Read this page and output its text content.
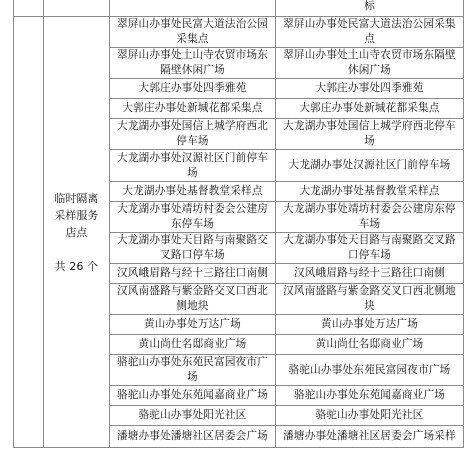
			标

	临时隔离
采样服务
店点
共 26 个	翠屏山办事处民富大道法治公园采集点	翠屏山办事处民富大道法治公园采集点
		翠屏山办事处土山寺农贸市场东隔壁休闲广场	翠屏山办事处土山寺农贸市场东隔壁休闲广场
		大郭庄办事处四季雅苑	大郭庄办事处四季雅苑
		大郭庄办事处新城花都采集点	大郭庄办事处新城花都采集点
		大龙湖办事处国信上城学府西北停车场	大龙湖办事处国信上城学府西北停车场
		大龙湖办事处汉源社区门前停车场	大龙湖办事处汉源社区门前停车场
		大龙湖办事处基督教堂采样点	大龙湖办事处基督教堂采样点
		大龙湖办事处靖坊村委会公建房东停车场	大龙湖办事处靖坊村委会公建房东停车场
		大龙湖办事处天目路与南聚路交叉路口停车场	大龙湖办事处天目路与南聚路交叉路口停车场
		汉风峨眉路与经十三路往口南侧	汉风峨眉路与经十三路往口南侧
		汉风南盛路与紫金路交叉口西北侧地块	汉风南盛路与紫金路交叉口西北侧地块
		黄山办事处万达广场	黄山办事处万达广场
		黄山尚仕名邸商业广场	黄山尚仕名邸商业广场
		骆驼山办事处东苑民富园夜市广场	骆驼山办事处东苑民富园夜市广场
		骆驼山办事处东苑闻嘉商业广场	骆驼山办事处东苑闻嘉商业广场
		骆驼山办事处阳光社区	骆驼山办事处阳光社区
		潘塘办事处潘塘社区居委会广场	潘塘办事处潘塘社区居委会广场采样
